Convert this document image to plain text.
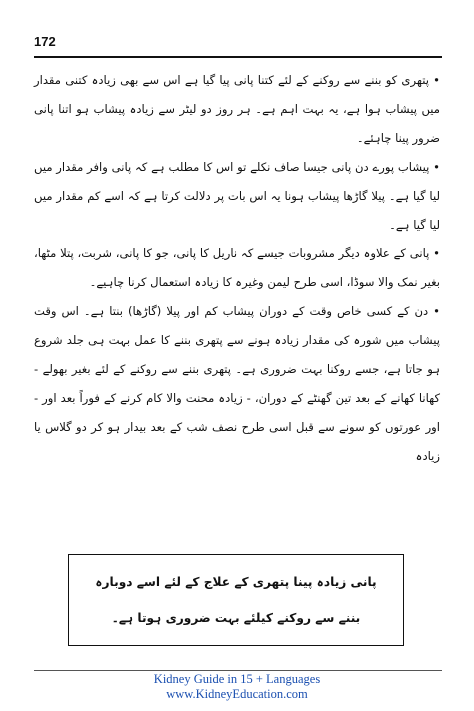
172

• پتھری کو بننے سے روکنے کے لئے کتنا پانی پیا گیا ہے اس سے بھی زیادہ کتنی مقدار میں پیشاب ہوا ہے، یہ بہت اہم ہے۔ ہر روز دو لیٹر سے زیادہ پیشاب ہو اتنا پانی ضرور پینا چاہئے۔

• پیشاب پورے دن پانی جیسا صاف نکلے تو اس کا مطلب ہے کہ پانی وافر مقدار میں لیا گیا ہے۔ پیلا گاڑھا پیشاب ہونا یہ اس بات پر دلالت کرتا ہے کہ اسے کم مقدار میں لیا گیا ہے۔

• پانی کے علاوہ دیگر مشروبات جیسے کہ ناریل کا پانی، جو کا پانی، شربت، پتلا مٹھا، بغیر نمک والا سوڈا، اسی طرح لیمن وغیرہ کا زیادہ استعمال کرنا چاہیے۔

• دن کے کسی خاص وقت کے دوران پیشاب کم اور پیلا (گاڑھا) بنتا ہے۔ اس وقت پیشاب میں شورہ کی مقدار زیادہ ہونے سے پتھری بننے کا عمل بہت ہی جلد شروع ہو جاتا ہے، جسے روکنا بہت ضروری ہے۔ پتھری بننے سے روکنے کے لئے بغیر بھولے - کھانا کھانے کے بعد تین گھنٹے کے دوران، - زیادہ محنت والا کام کرنے کے فوراً بعد اور - اور عورتوں کو سونے سے قبل اسی طرح نصف شب کے بعد بیدار ہو کر دو گلاس یا زیادہ

پانی زیادہ پینا پتھری کے علاج کے لئے اسے دوبارہ بننے سے روکنے کیلئے بہت ضروری ہوتا ہے۔
Kidney Guide in 15 + Languages
www.KidneyEducation.com
